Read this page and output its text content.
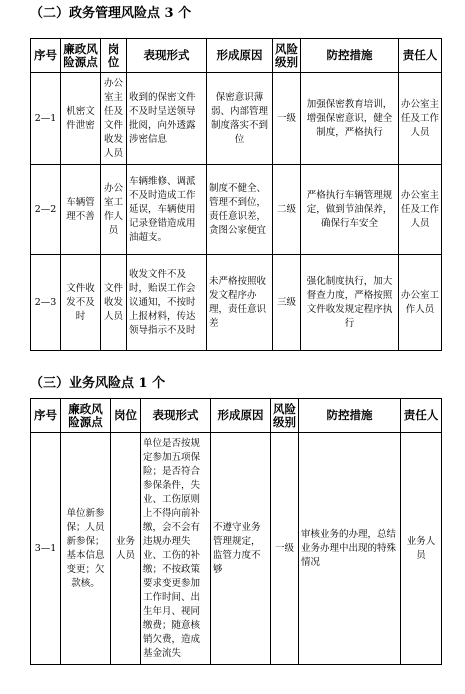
（二）政务管理风险点 3 个
序号	廉政风险源点	岗位	表现形式	形成原因	风险级别	防控措施	责任人
2—1	机密文件泄密	办公室主任及文件收发人员	收到的保密文件不及时呈送领导批阅，向外透露涉密信息	保密意识薄弱、内部管理制度落实不到位	一级	加强保密教育培训，增强保密意识，健全制度，严格执行	办公室主任及工作人员
2—2	车辆管理不善	办公室工作人员	车辆维修、调派不及时造成工作延误，车辆使用记录登错造成用油超支。	制度不健全、管理不到位，责任意识差，贪图公家便宜	二级	严格执行车辆管理规定，做到节油保养，确保行车安全	办公室主任及工作人员
2—3	文件收发不及时	文件收发人员	收发文件不及时，贻误工作会议通知，不按时上报材料，传达领导指示不及时	未严格按照收发文程序办理，责任意识差	三级	强化制度执行，加大督查力度，严格按照文件收发规定程序执行	办公室工作人员
（三）业务风险点 1 个
序号	廉政风险源点	岗位	表现形式	形成原因	风险级别	防控措施	责任人
3—1	单位新参保；人员新参保；基本信息变更；欠款核。	业务人员	单位是否按规定参加五项保险；是否符合参保条件，失业、工伤原则上不得向前补缴，会不会有违规办理失业、工伤的补缴；不按政策要求变更参加工作时间、出生年月、视同缴费；随意核销欠费，造成基金流失	不遵守业务管理规定，监管力度不够	一级	审核业务的办理，总结业务办理中出现的特殊情况	业务人员
